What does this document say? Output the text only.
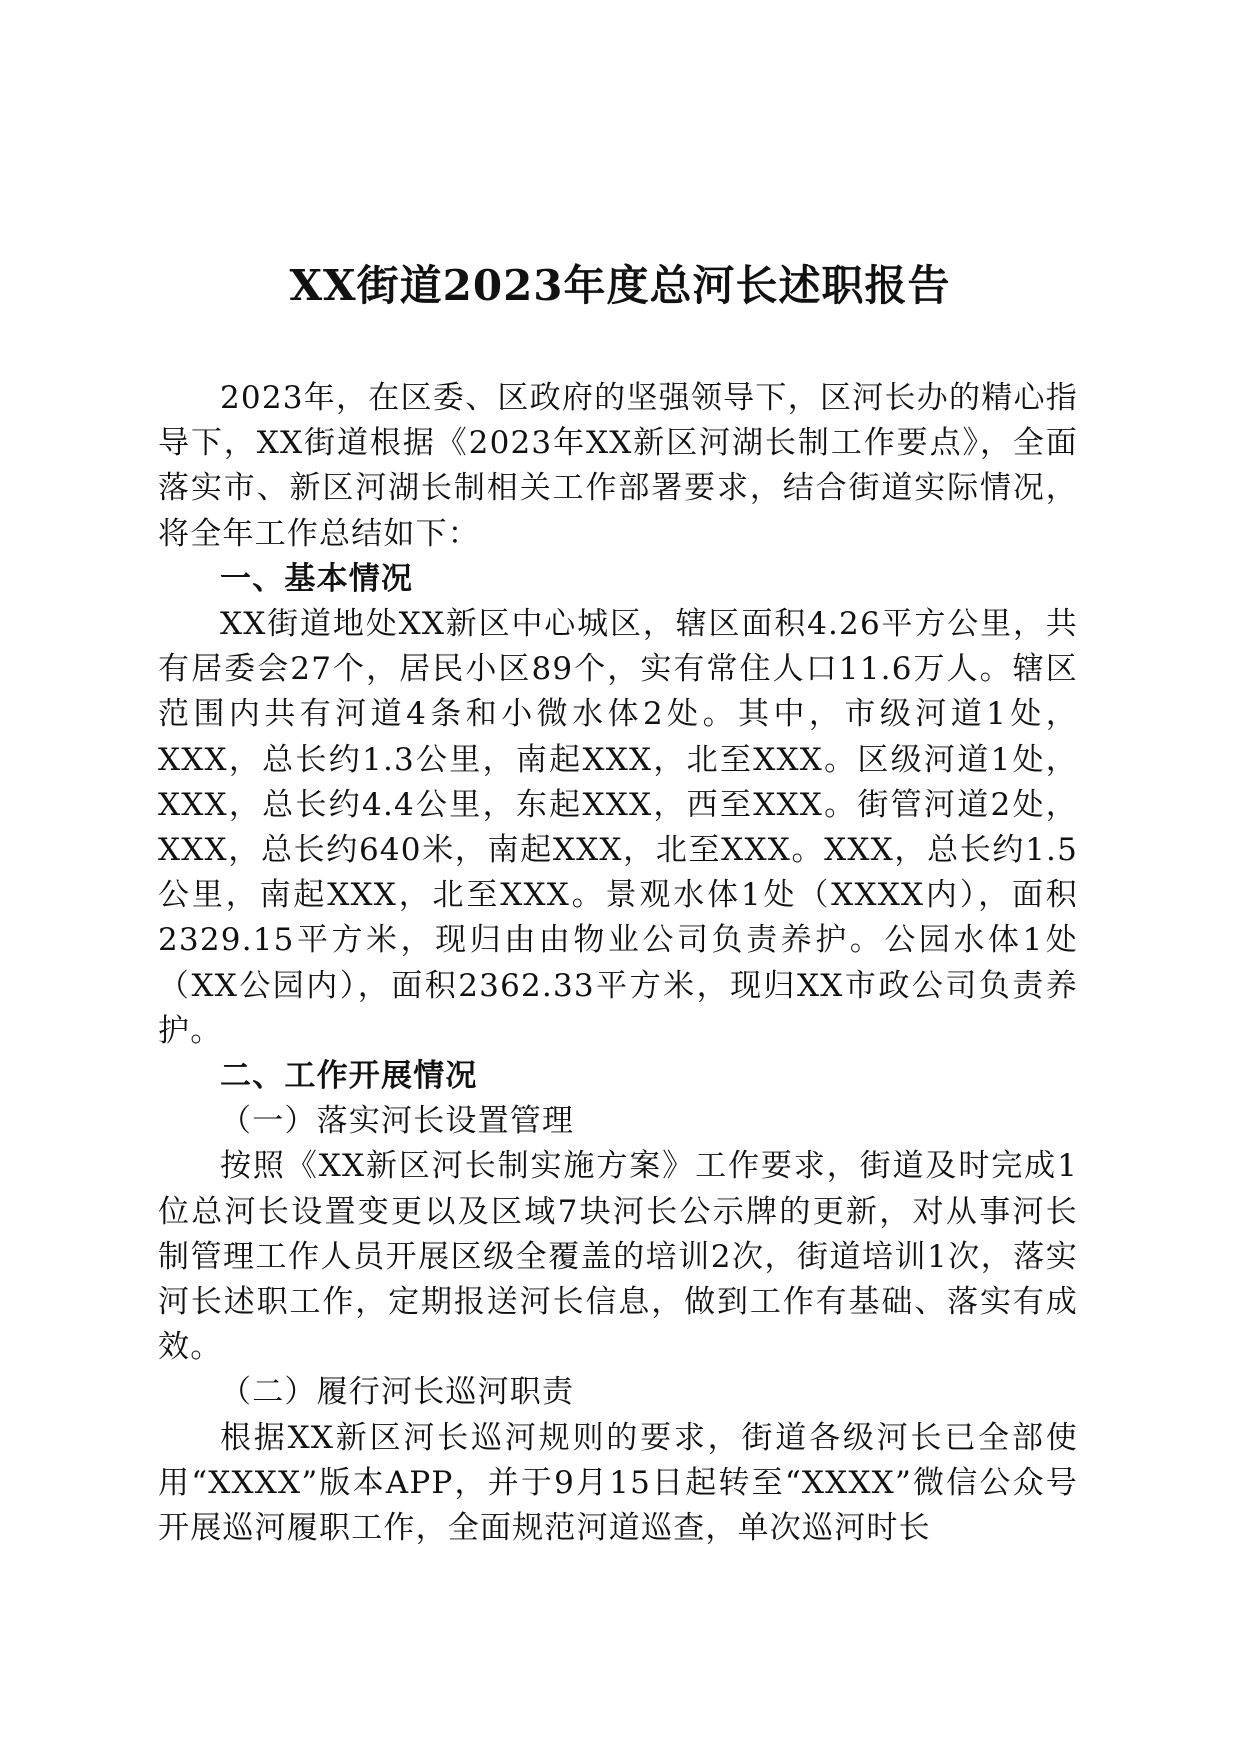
XX街道2023年度总河长述职报告

2023年，在区委、区政府的坚强领导下，区河长办的精心指导下，XX街道根据《2023年XX新区河湖长制工作要点》，全面落实市、新区河湖长制相关工作部署要求，结合街道实际情况，将全年工作总结如下：

一、基本情况

XX街道地处XX新区中心城区，辖区面积4.26平方公里，共有居委会27个，居民小区89个，实有常住人口11.6万人。辖区范围内共有河道4条和小微水体2处。其中，市级河道1处，XXX，总长约1.3公里，南起XXX，北至XXX。区级河道1处，XXX，总长约4.4公里，东起XXX，西至XXX。街管河道2处，XXX，总长约640米，南起XXX，北至XXX。XXX，总长约1.5公里，南起XXX，北至XXX。景观水体1处（XXXX内），面积2329.15平方米，现归由由物业公司负责养护。公园水体1处（XX公园内），面积2362.33平方米，现归XX市政公司负责养护。

二、工作开展情况

（一）落实河长设置管理

按照《XX新区河长制实施方案》工作要求，街道及时完成1位总河长设置变更以及区域7块河长公示牌的更新，对从事河长制管理工作人员开展区级全覆盖的培训2次，街道培训1次，落实河长述职工作，定期报送河长信息，做到工作有基础、落实有成效。

（二）履行河长巡河职责

根据XX新区河长巡河规则的要求，街道各级河长已全部使用“XXXX”版本APP，并于9月15日起转至“XXXX”微信公众号开展巡河履职工作，全面规范河道巡查，单次巡河时长
